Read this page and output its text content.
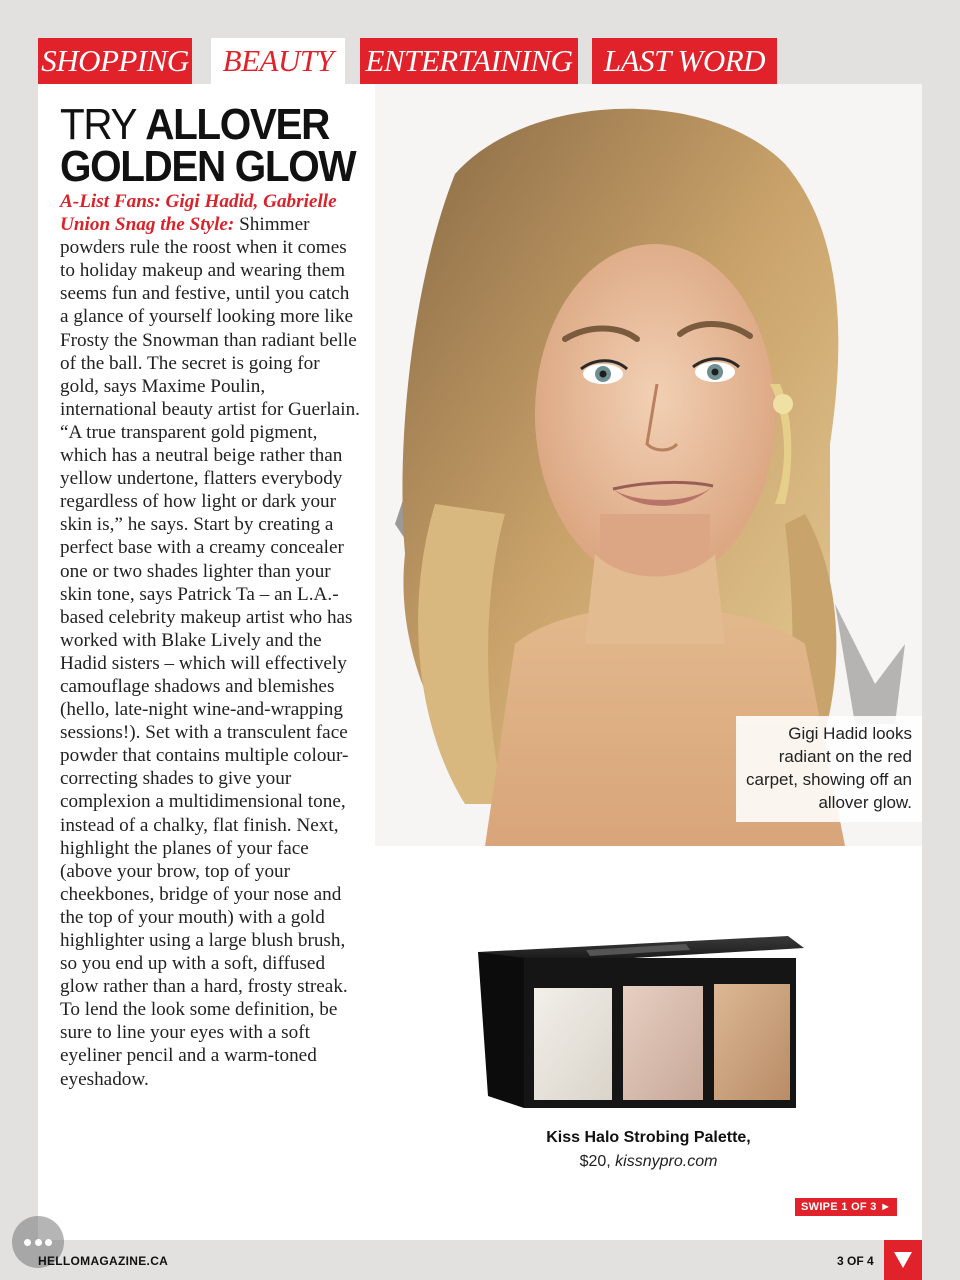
SHOPPING	BEAUTY	ENTERTAINING	LAST WORD
TRY ALLOVER
GOLDEN GLOW

A-List Fans: Gigi Hadid, Gabrielle Union Snag the Style: Shimmer powders rule the roost when it comes to holiday makeup and wearing them seems fun and festive, until you catch a glance of yourself looking more like Frosty the Snowman than radiant belle of the ball. The secret is going for gold, says Maxime Poulin, international beauty artist for Guerlain. “A true transparent gold pigment, which has a neutral beige rather than yellow undertone, flatters everybody regardless of how light or dark your skin is,” he says. Start by creating a perfect base with a creamy concealer one or two shades lighter than your skin tone, says Patrick Ta – an L.A.-based celebrity makeup artist who has worked with Blake Lively and the Hadid sisters – which will effectively camouflage shadows and blemishes (hello, late-night wine-and-wrapping sessions!). Set with a transculent face powder that contains multiple colour-correcting shades to give your complexion a multidimensional tone, instead of a chalky, flat finish. Next, highlight the planes of your face (above your brow, top of your cheekbones, bridge of your nose and the top of your mouth) with a gold highlighter using a large blush brush, so you end up with a soft, diffused glow rather than a hard, frosty streak. To lend the look some definition, be sure to line your eyes with a soft eyeliner pencil and a warm-toned eyeshadow.

Gigi Hadid looks radiant on the red carpet, showing off an allover glow.
Kiss Halo Strobing Palette,
$20, kissnypro.com
SWIPE 1 OF 3 ►
HELLOMAGAZINE.CA	3 OF 4
